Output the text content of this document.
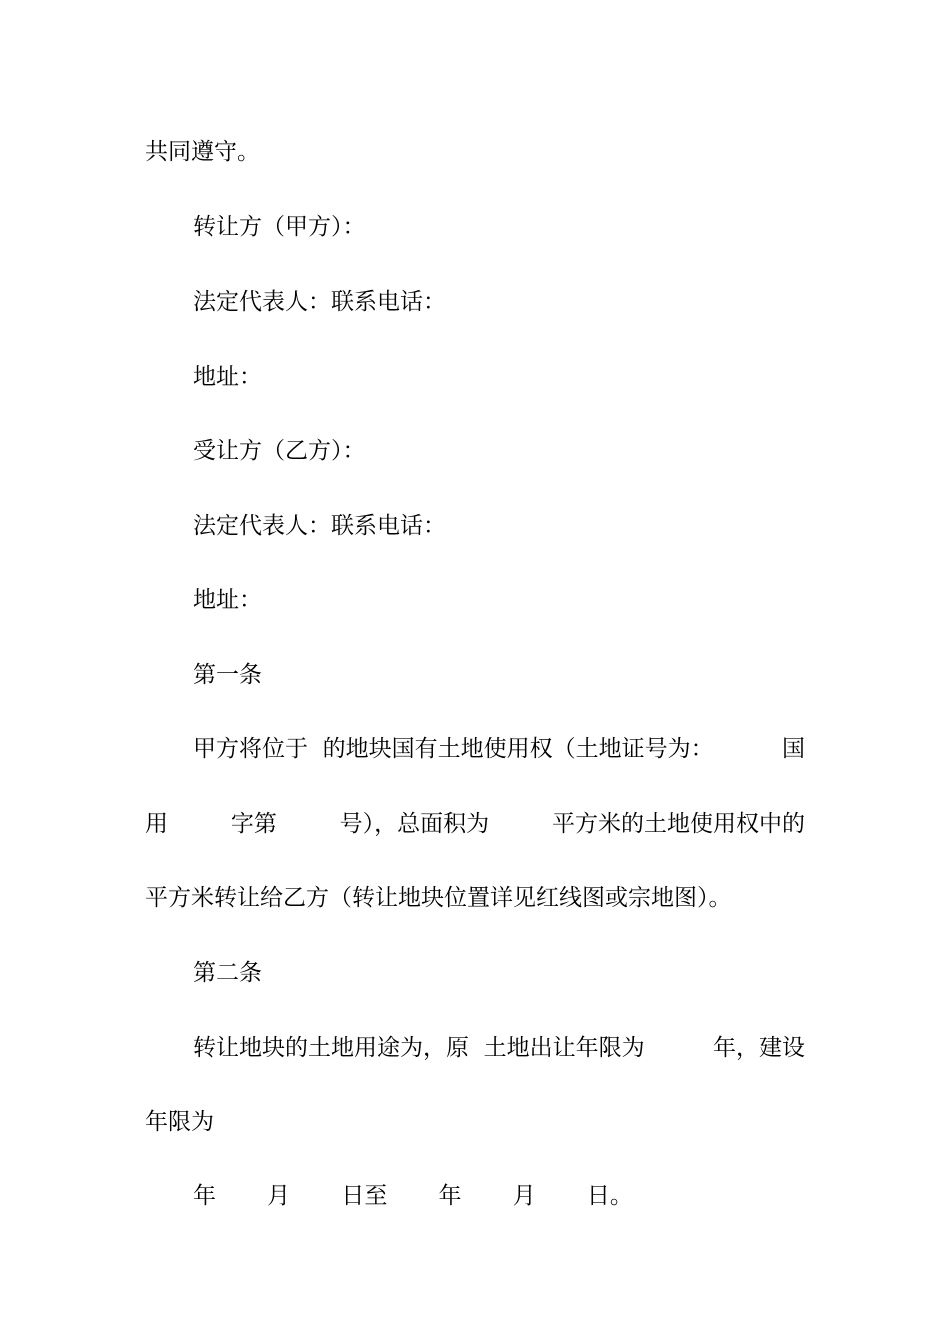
共同遵守。

转让方（甲方）：

法定代表人：联系电话：

地址：

受让方（乙方）：

法定代表人：联系电话：

地址：

第一条

甲方将位于  的地块国有土地使用权（土地证号为：	国
用	字第	号），总面积为	平方米的土地使用权中的

平方米转让给乙方（转让地块位置详见红线图或宗地图）。

第二条

转让地块的土地用途为，原  土地出让年限为	年，建设

年限为

年       月       日至       年       月       日。
